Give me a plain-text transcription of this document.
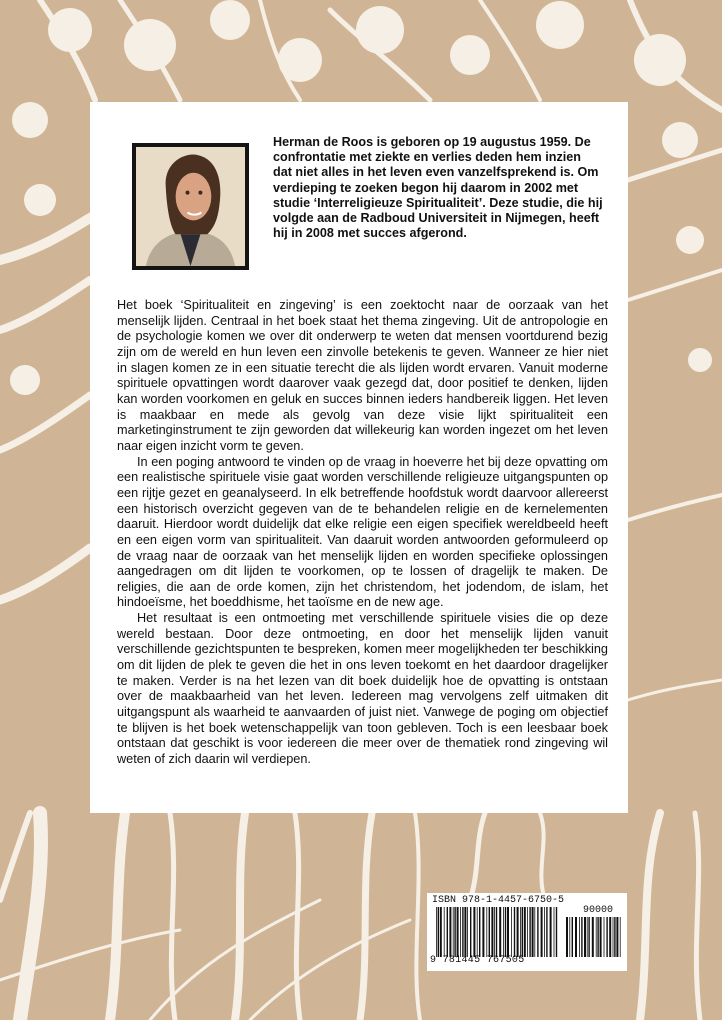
Herman de Roos is geboren op 19 augustus 1959. De confrontatie met ziekte en verlies deden hem inzien dat niet alles in het leven even vanzelfsprekend is. Om verdieping te zoeken begon hij daarom in 2002 met studie ‘Interreligieuze Spiritualiteit’. Deze studie, die hij volgde aan de Radboud Universiteit in Nijmegen, heeft hij in 2008 met succes afgerond.

Het boek ‘Spiritualiteit en zingeving’ is een zoektocht naar de oorzaak van het menselijk lijden. Centraal in het boek staat het thema zingeving. Uit de antropologie en de psychologie komen we over dit onderwerp te weten dat mensen voortdurend bezig zijn om de wereld en hun leven een zinvolle betekenis te geven. Wanneer ze hier niet in slagen komen ze in een situatie terecht die als lijden wordt ervaren. Vanuit moderne spirituele opvattingen wordt daarover vaak gezegd dat, door positief te denken, lijden kan worden voorkomen en geluk en succes binnen ieders handbereik liggen. Het leven is maakbaar en mede als gevolg van deze visie lijkt spiritualiteit een marketinginstrument te zijn geworden dat willekeurig kan worden ingezet om het leven naar eigen inzicht vorm te geven.

In een poging antwoord te vinden op de vraag in hoeverre het bij deze opvatting om een realistische spirituele visie gaat worden verschillende religieuze uitgangspunten op een rijtje gezet en geanalyseerd. In elk betreffende hoofdstuk wordt daarvoor allereerst een historisch overzicht gegeven van de te behandelen religie en de kernelementen daaruit. Hierdoor wordt duidelijk dat elke religie een eigen specifiek wereldbeeld heeft en een eigen vorm van spiritualiteit. Van daaruit worden antwoorden geformuleerd op de vraag naar de oorzaak van het menselijk lijden en worden specifieke oplossingen aangedragen om dit lijden te voorkomen, op te lossen of dragelijk te maken. De religies, die aan de orde komen, zijn het christendom, het jodendom, de islam, het hindoeïsme, het boeddhisme, het taoïsme en de new age.

Het resultaat is een ontmoeting met verschillende spirituele visies die op deze wereld bestaan. Door deze ontmoeting, en door het menselijk lijden vanuit verschillende gezichtspunten te bespreken, komen meer mogelijkheden ter beschikking om dit lijden de plek te geven die het in ons leven toekomt en het daardoor dragelijker te maken. Verder is na het lezen van dit boek duidelijk hoe de opvatting is ontstaan over de maakbaarheid van het leven. Iedereen mag vervolgens zelf uitmaken dit uitgangspunt als waarheid te aanvaarden of juist niet. Vanwege de poging om objectief te blijven is het boek wetenschappelijk van toon gebleven. Toch is een leesbaar boek ontstaan dat geschikt is voor iedereen die meer over de thematiek rond zingeving wil weten of zich daarin wil verdiepen.

ISBN 978-1-4457-6750-5
90000
9 781445 767505
